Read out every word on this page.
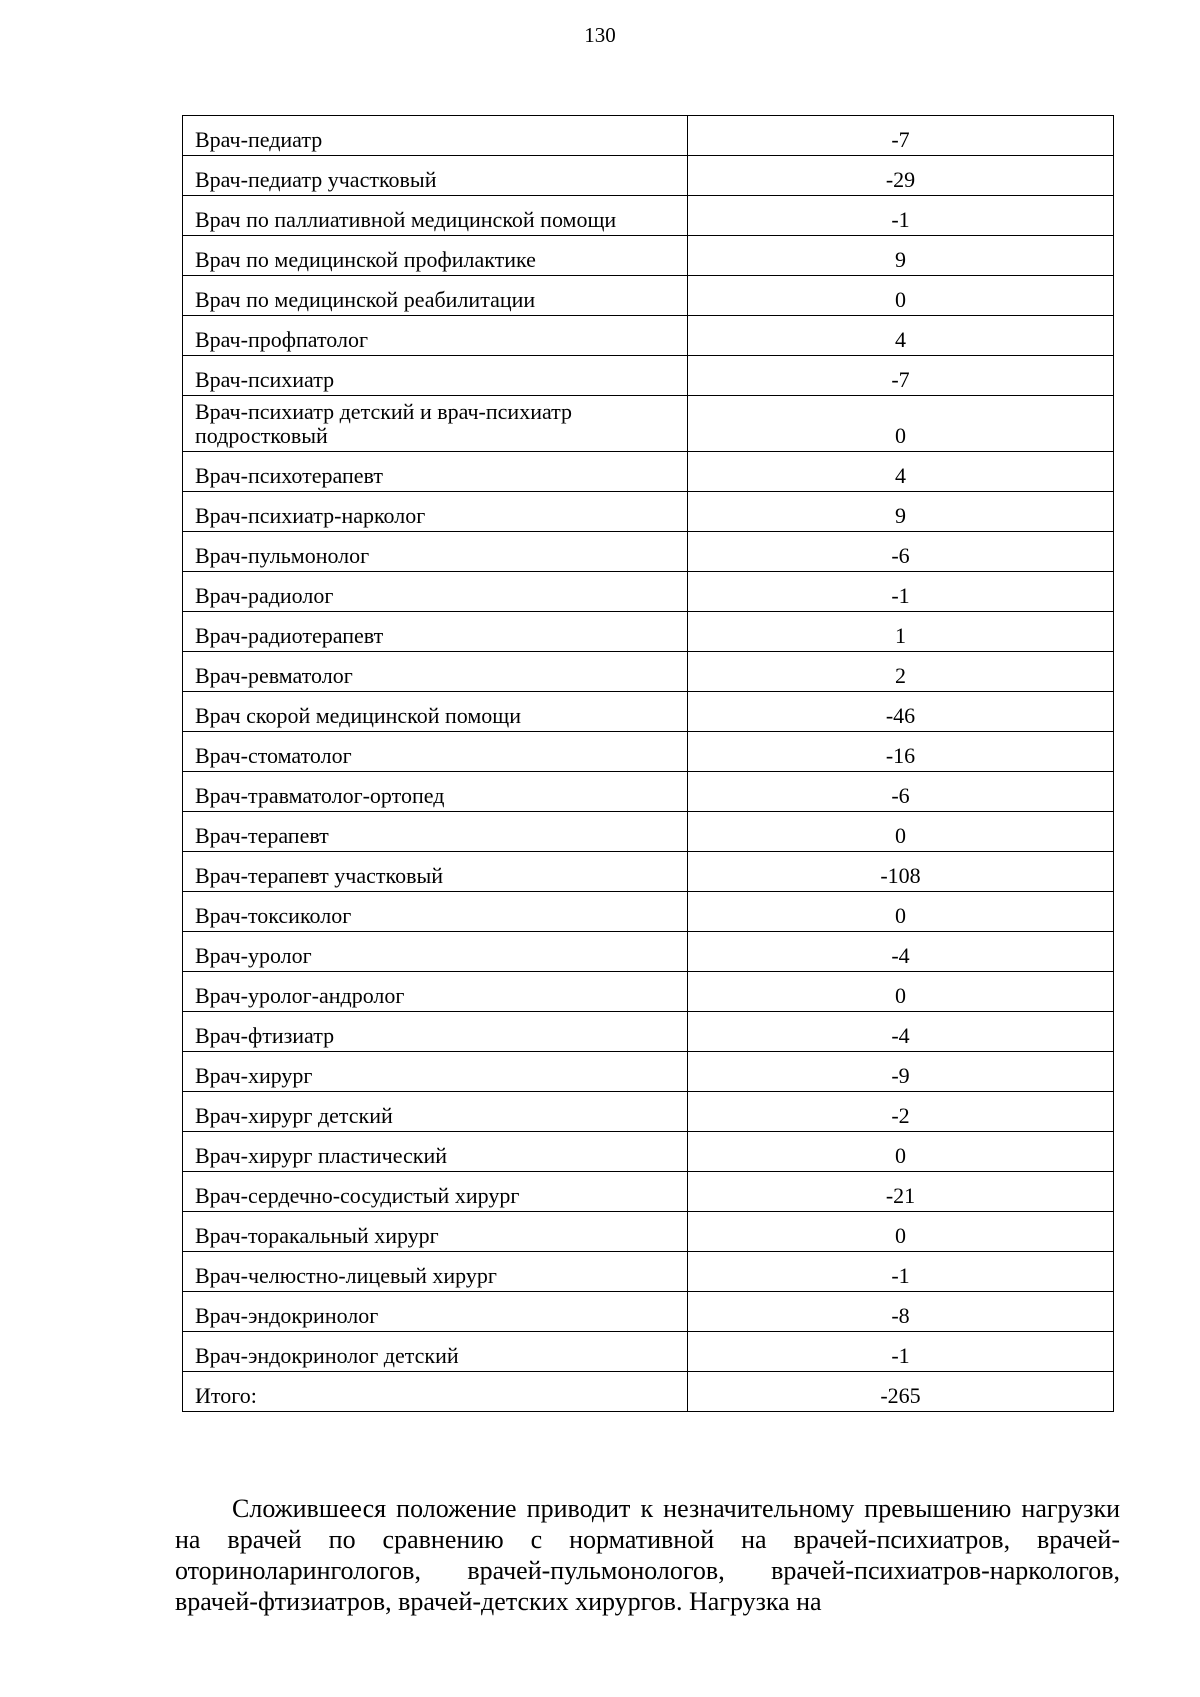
130
Врач-педиатр	-7
Врач-педиатр участковый	-29
Врач по паллиативной медицинской помощи	-1
Врач по медицинской профилактике	9
Врач по медицинской реабилитации	0
Врач-профпатолог	4
Врач-психиатр	-7
Врач-психиатр детский и врач-психиатр подростковый	0
Врач-психотерапевт	4
Врач-психиатр-нарколог	9
Врач-пульмонолог	-6
Врач-радиолог	-1
Врач-радиотерапевт	1
Врач-ревматолог	2
Врач скорой медицинской помощи	-46
Врач-стоматолог	-16
Врач-травматолог-ортопед	-6
Врач-терапевт	0
Врач-терапевт участковый	-108
Врач-токсиколог	0
Врач-уролог	-4
Врач-уролог-андролог	0
Врач-фтизиатр	-4
Врач-хирург	-9
Врач-хирург детский	-2
Врач-хирург пластический	0
Врач-сердечно-сосудистый хирург	-21
Врач-торакальный хирург	0
Врач-челюстно-лицевый хирург	-1
Врач-эндокринолог	-8
Врач-эндокринолог детский	-1
Итого:	-265

Сложившееся положение приводит к незначительному превышению нагрузки на врачей по сравнению с нормативной на врачей-психиатров, врачей-оториноларингологов, врачей-пульмонологов, врачей-психиатров-наркологов, врачей-фтизиатров, врачей-детских хирургов. Нагрузка на
